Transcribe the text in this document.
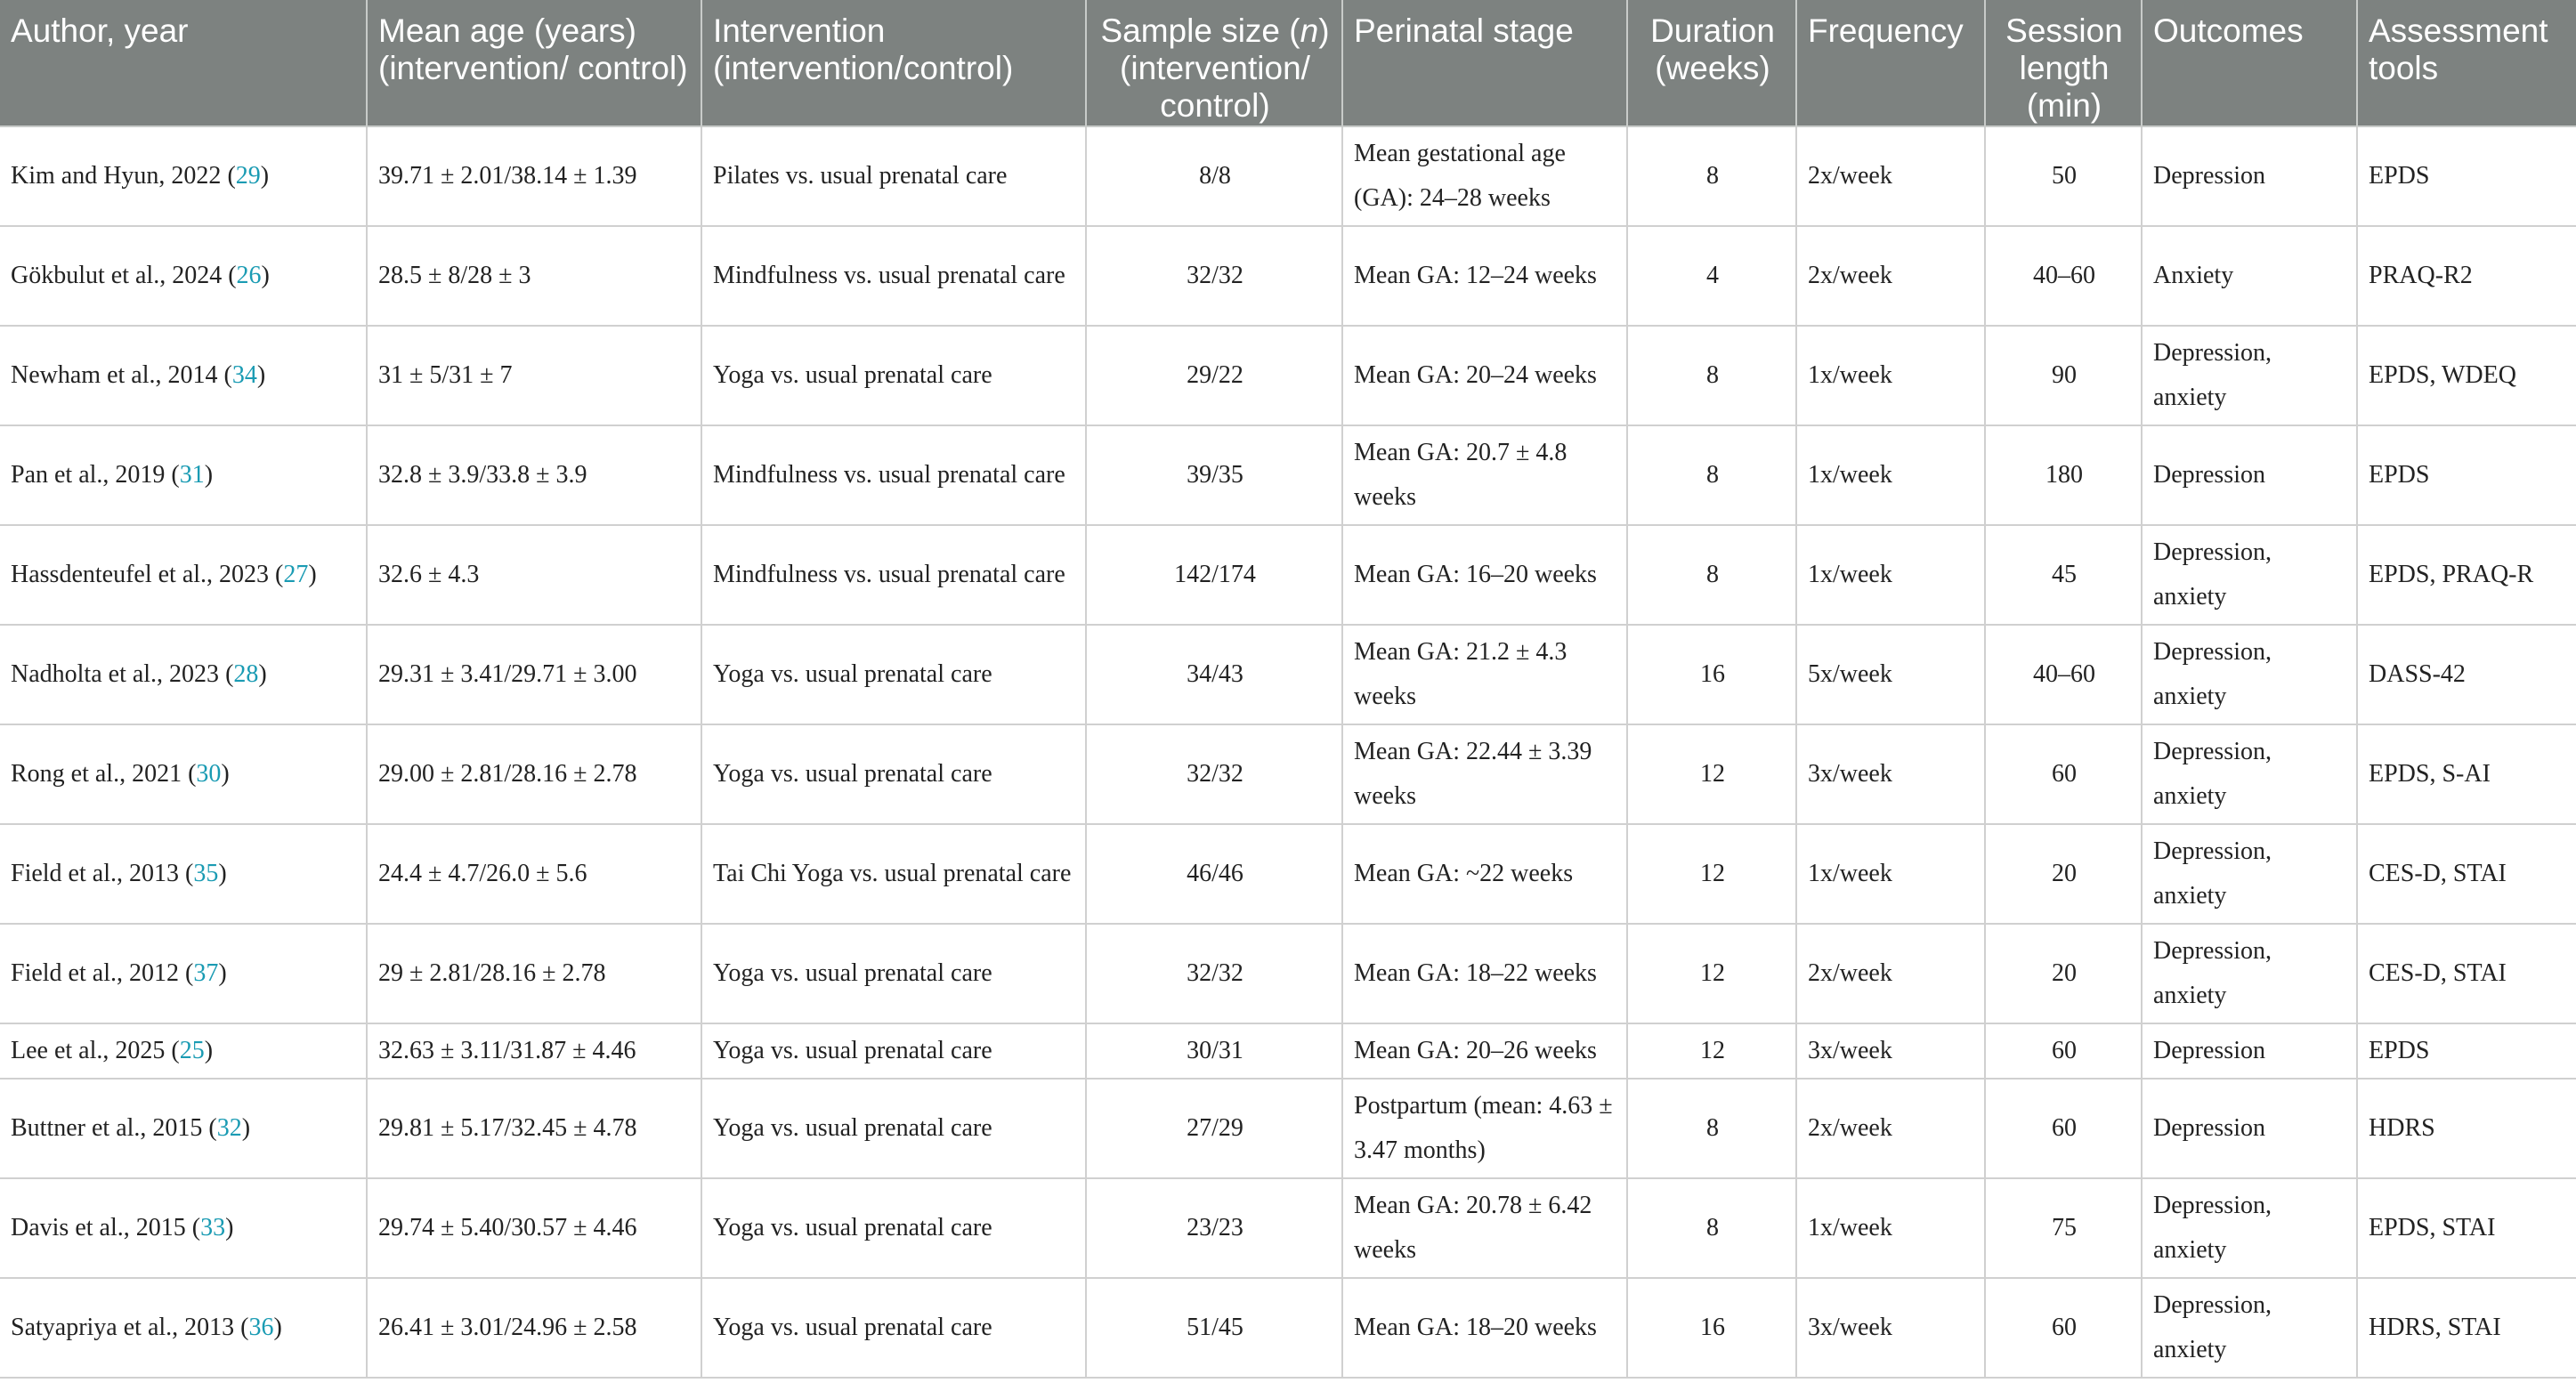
Author, year	Mean age (years) (intervention/ control)	Intervention (intervention/control)	Sample size (n) (intervention/ control)	Perinatal stage	Duration (weeks)	Frequency	Session length (min)	Outcomes	Assessment tools
Kim and Hyun, 2022 (29)	39.71 ± 2.01/38.14 ± 1.39	Pilates vs. usual prenatal care	8/8	Mean gestational age (GA): 24–28 weeks	8	2x/week	50	Depression	EPDS
Gökbulut et al., 2024 (26)	28.5 ± 8/28 ± 3	Mindfulness vs. usual prenatal care	32/32	Mean GA: 12–24 weeks	4	2x/week	40–60	Anxiety	PRAQ-R2
Newham et al., 2014 (34)	31 ± 5/31 ± 7	Yoga vs. usual prenatal care	29/22	Mean GA: 20–24 weeks	8	1x/week	90	Depression, anxiety	EPDS, WDEQ
Pan et al., 2019 (31)	32.8 ± 3.9/33.8 ± 3.9	Mindfulness vs. usual prenatal care	39/35	Mean GA: 20.7 ± 4.8 weeks	8	1x/week	180	Depression	EPDS
Hassdenteufel et al., 2023 (27)	32.6 ± 4.3	Mindfulness vs. usual prenatal care	142/174	Mean GA: 16–20 weeks	8	1x/week	45	Depression, anxiety	EPDS, PRAQ-R
Nadholta et al., 2023 (28)	29.31 ± 3.41/29.71 ± 3.00	Yoga vs. usual prenatal care	34/43	Mean GA: 21.2 ± 4.3 weeks	16	5x/week	40–60	Depression, anxiety	DASS-42
Rong et al., 2021 (30)	29.00 ± 2.81/28.16 ± 2.78	Yoga vs. usual prenatal care	32/32	Mean GA: 22.44 ± 3.39 weeks	12	3x/week	60	Depression, anxiety	EPDS, S-AI
Field et al., 2013 (35)	24.4 ± 4.7/26.0 ± 5.6	Tai Chi Yoga vs. usual prenatal care	46/46	Mean GA: ~22 weeks	12	1x/week	20	Depression, anxiety	CES-D, STAI
Field et al., 2012 (37)	29 ± 2.81/28.16 ± 2.78	Yoga vs. usual prenatal care	32/32	Mean GA: 18–22 weeks	12	2x/week	20	Depression, anxiety	CES-D, STAI
Lee et al., 2025 (25)	32.63 ± 3.11/31.87 ± 4.46	Yoga vs. usual prenatal care	30/31	Mean GA: 20–26 weeks	12	3x/week	60	Depression	EPDS
Buttner et al., 2015 (32)	29.81 ± 5.17/32.45 ± 4.78	Yoga vs. usual prenatal care	27/29	Postpartum (mean: 4.63 ± 3.47 months)	8	2x/week	60	Depression	HDRS
Davis et al., 2015 (33)	29.74 ± 5.40/30.57 ± 4.46	Yoga vs. usual prenatal care	23/23	Mean GA: 20.78 ± 6.42 weeks	8	1x/week	75	Depression, anxiety	EPDS, STAI
Satyapriya et al., 2013 (36)	26.41 ± 3.01/24.96 ± 2.58	Yoga vs. usual prenatal care	51/45	Mean GA: 18–20 weeks	16	3x/week	60	Depression, anxiety	HDRS, STAI
